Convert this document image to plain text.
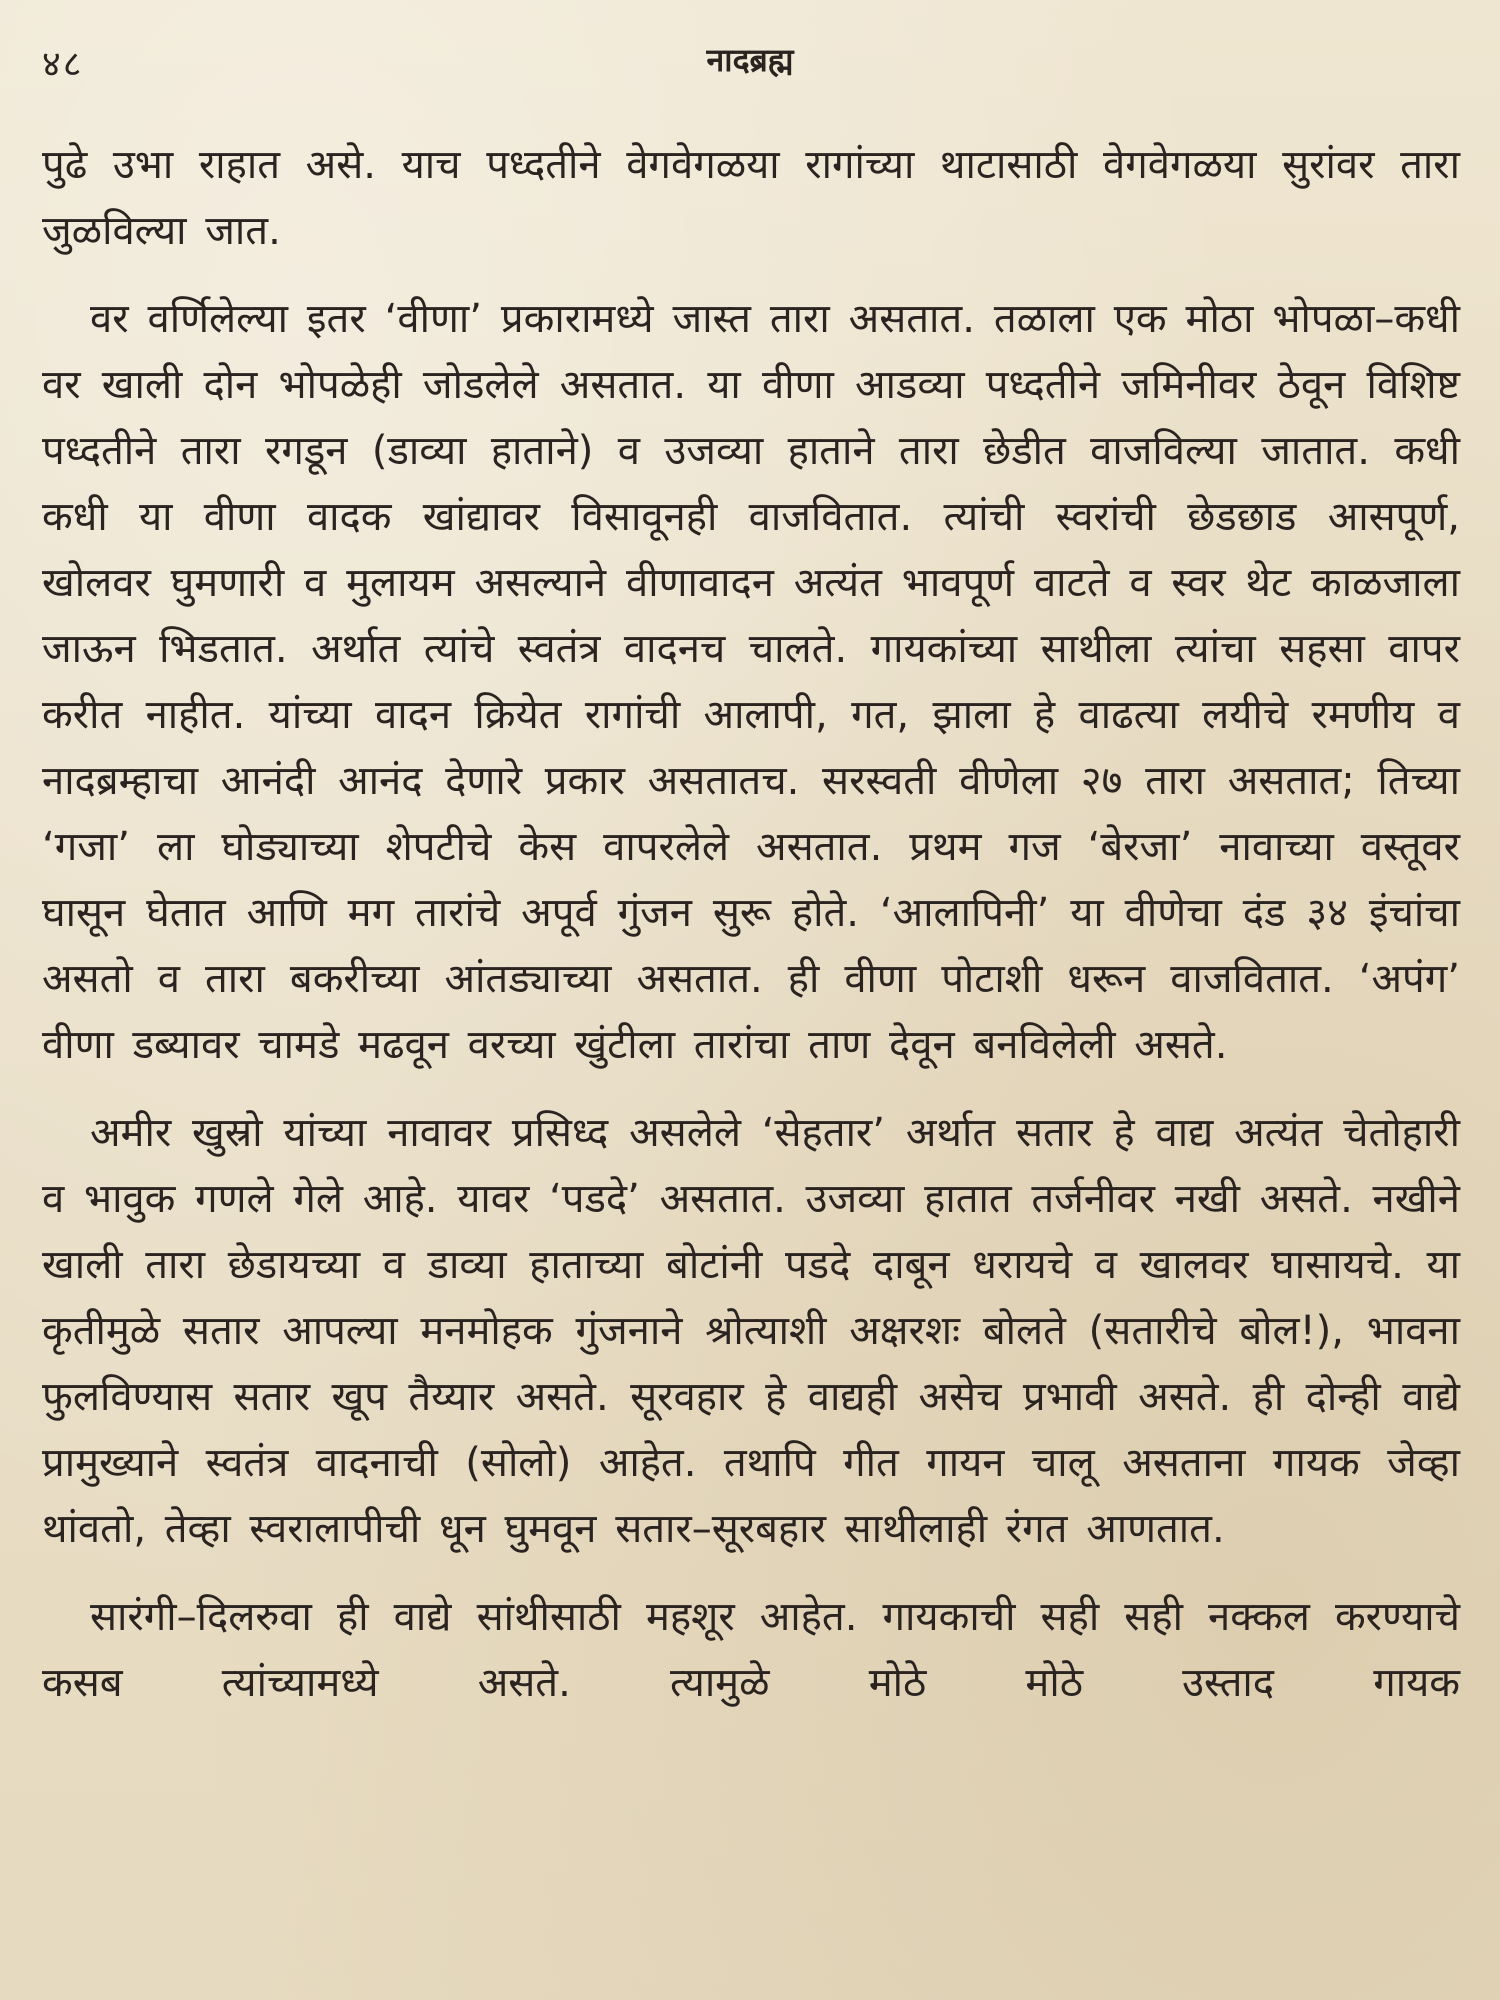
४८	नादब्रह्म

पुढे उभा राहात असे. याच पध्दतीने वेगवेगळया रागांच्या थाटासाठी वेगवेगळया सुरांवर तारा जुळविल्या जात.

वर वर्णिलेल्या इतर ‘वीणा’ प्रकारामध्ये जास्त तारा असतात. तळाला एक मोठा भोपळा–कधी वर खाली दोन भोपळेही जोडलेले असतात. या वीणा आडव्या पध्दतीने जमिनीवर ठेवून विशिष्ट पध्दतीने तारा रगडून (डाव्या हाताने) व उजव्या हाताने तारा छेडीत वाजविल्या जातात. कधी कधी या वीणा वादक खांद्यावर विसावूनही वाजवितात. त्यांची स्वरांची छेडछाड आसपूर्ण, खोलवर घुमणारी व मुलायम असल्याने वीणावादन अत्यंत भावपूर्ण वाटते व स्वर थेट काळजाला जाऊन भिडतात. अर्थात त्यांचे स्वतंत्र वादनच चालते. गायकांच्या साथीला त्यांचा सहसा वापर करीत नाहीत. यांच्या वादन क्रियेत रागांची आलापी, गत, झाला हे वाढत्या लयीचे रमणीय व नादब्रम्हाचा आनंदी आनंद देणारे प्रकार असतातच. सरस्वती वीणेला २७ तारा असतात; तिच्या ‘गजा’ ला घोड्याच्या शेपटीचे केस वापरलेले असतात. प्रथम गज ‘बेरजा’ नावाच्या वस्तूवर घासून घेतात आणि मग तारांचे अपूर्व गुंजन सुरू होते. ‘आलापिनी’ या वीणेचा दंड ३४ इंचांचा असतो व तारा बकरीच्या आंतड्याच्या असतात. ही वीणा पोटाशी धरून वाजवितात. ‘अपंग’ वीणा डब्यावर चामडे मढवून वरच्या खुंटीला तारांचा ताण देवून बनविलेली असते.

अमीर खुस्रो यांच्या नावावर प्रसिध्द असलेले ‘सेहतार’ अर्थात सतार हे वाद्य अत्यंत चेतोहारी व भावुक गणले गेले आहे. यावर ‘पडदे’ असतात. उजव्या हातात तर्जनीवर नखी असते. नखीने खाली तारा छेडायच्या व डाव्या हाताच्या बोटांनी पडदे दाबून धरायचे व खालवर घासायचे. या कृतीमुळे सतार आपल्या मनमोहक गुंजनाने श्रोत्याशी अक्षरशः बोलते (सतारीचे बोल!), भावना फुलविण्यास सतार खूप तैय्यार असते. सूरवहार हे वाद्यही असेच प्रभावी असते. ही दोन्ही वाद्ये प्रामुख्याने स्वतंत्र वादनाची (सोलो) आहेत. तथापि गीत गायन चालू असताना गायक जेव्हा थांवतो, तेव्हा स्वरालापीची धून घुमवून सतार–सूरबहार साथीलाही रंगत आणतात.

सारंगी–दिलरुवा ही वाद्ये सांथीसाठी महशूर आहेत. गायकाची सही सही नक्कल करण्याचे कसब त्यांच्यामध्ये असते. त्यामुळे मोठे मोठे उस्ताद गायक
